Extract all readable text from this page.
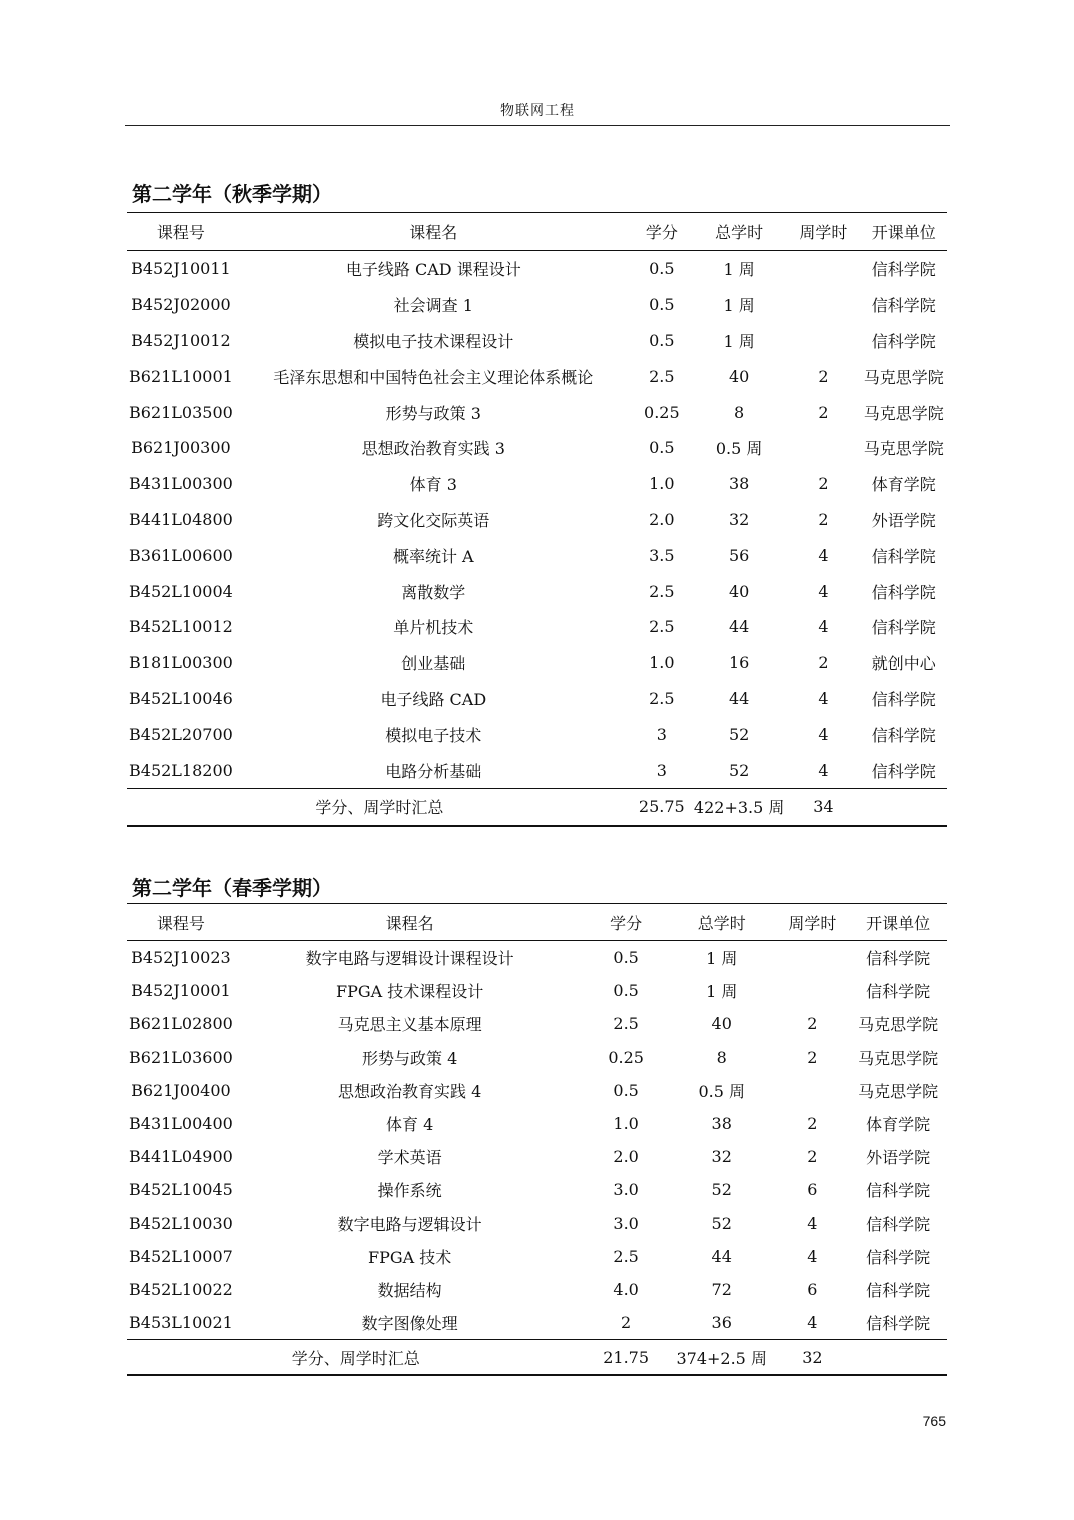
物联网工程
第二学年（秋季学期）
课程号	课程名	学分	总学时	周学时	开课单位
B452J10011	电子线路 CAD 课程设计	0.5	1 周		信科学院
B452J02000	社会调查 1	0.5	1 周		信科学院
B452J10012	模拟电子技术课程设计	0.5	1 周		信科学院
B621L10001	毛泽东思想和中国特色社会主义理论体系概论	2.5	40	2	马克思学院
B621L03500	形势与政策 3	0.25	8	2	马克思学院
B621J00300	思想政治教育实践 3	0.5	0.5 周		马克思学院
B431L00300	体育 3	1.0	38	2	体育学院
B441L04800	跨文化交际英语	2.0	32	2	外语学院
B361L00600	概率统计 A	3.5	56	4	信科学院
B452L10004	离散数学	2.5	40	4	信科学院
B452L10012	单片机技术	2.5	44	4	信科学院
B181L00300	创业基础	1.0	16	2	就创中心
B452L10046	电子线路 CAD	2.5	44	4	信科学院
B452L20700	模拟电子技术	3	52	4	信科学院
B452L18200	电路分析基础	3	52	4	信科学院
学分、周学时汇总		25.75	422+3.5 周	34	
第二学年（春季学期）
课程号	课程名	学分	总学时	周学时	开课单位
B452J10023	数字电路与逻辑设计课程设计	0.5	1 周		信科学院
B452J10001	FPGA 技术课程设计	0.5	1 周		信科学院
B621L02800	马克思主义基本原理	2.5	40	2	马克思学院
B621L03600	形势与政策 4	0.25	8	2	马克思学院
B621J00400	思想政治教育实践 4	0.5	0.5 周		马克思学院
B431L00400	体育 4	1.0	38	2	体育学院
B441L04900	学术英语	2.0	32	2	外语学院
B452L10045	操作系统	3.0	52	6	信科学院
B452L10030	数字电路与逻辑设计	3.0	52	4	信科学院
B452L10007	FPGA 技术	2.5	44	4	信科学院
B452L10022	数据结构	4.0	72	6	信科学院
B453L10021	数字图像处理	2	36	4	信科学院
学分、周学时汇总		21.75	374+2.5 周	32	
765
